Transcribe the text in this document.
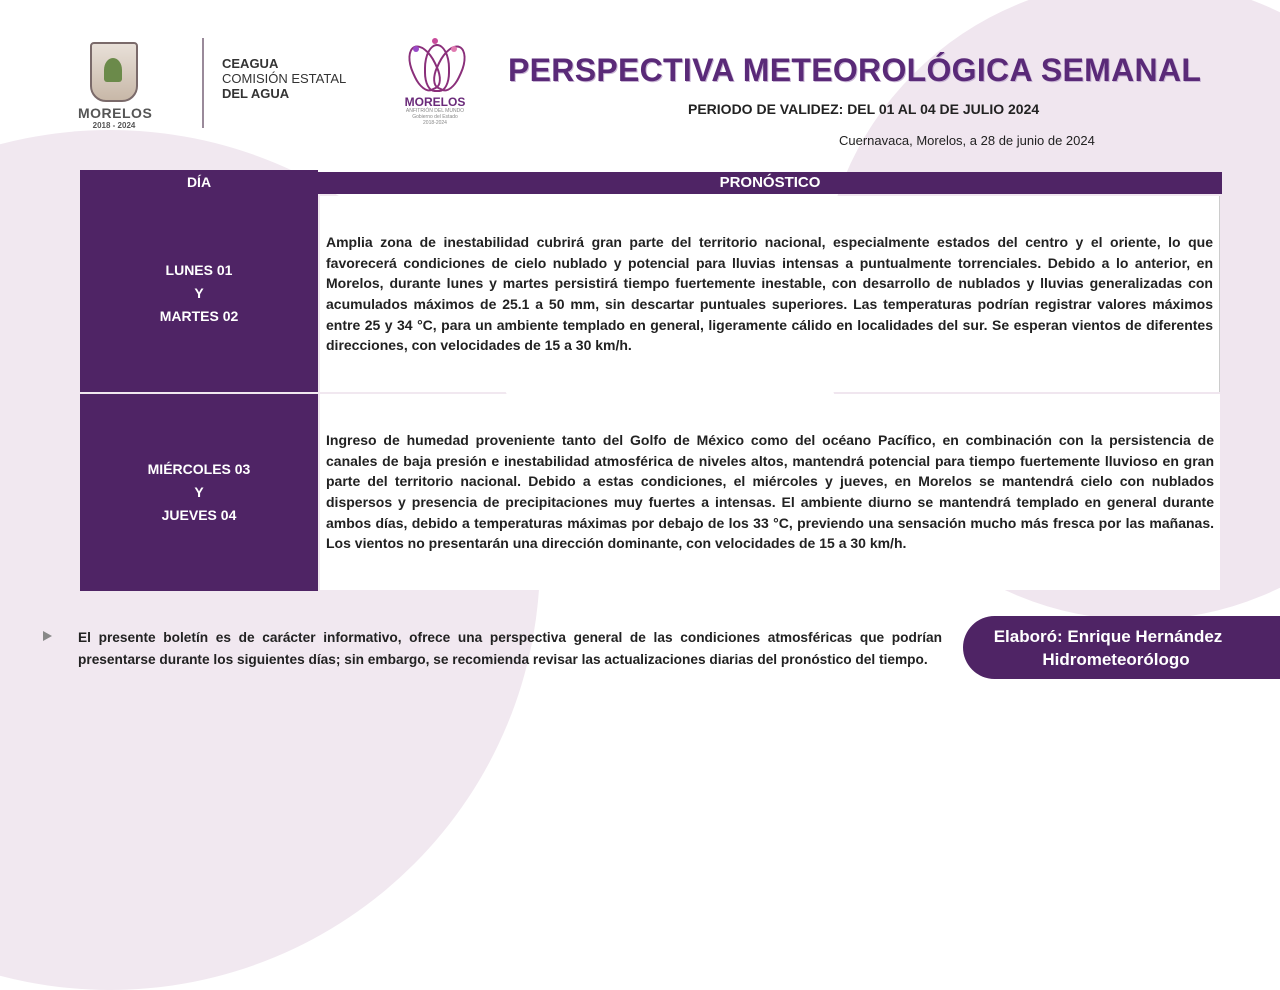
MORELOS
2018 - 2024
CEAGUA
COMISIÓN ESTATAL
DEL AGUA
MORELOS
ANFITRIÓN DEL MUNDO
Gobierno del Estado
2018-2024
PERSPECTIVA METEOROLÓGICA SEMANAL
PERIODO DE VALIDEZ: DEL 01 AL 04 DE JULIO 2024
Cuernavaca, Morelos, a 28 de junio de 2024
DÍA	PRONÓSTICO
LUNES 01
Y
MARTES 02
Amplia zona de inestabilidad cubrirá gran parte del territorio nacional, especialmente estados del centro y el oriente, lo que favorecerá condiciones de cielo nublado y potencial para lluvias intensas a puntualmente torrenciales. Debido a lo anterior, en Morelos, durante lunes y martes persistirá tiempo fuertemente inestable, con desarrollo de nublados y lluvias generalizadas con acumulados máximos de 25.1 a 50 mm, sin descartar puntuales superiores. Las temperaturas podrían registrar valores máximos entre 25 y 34 °C, para un ambiente templado en general, ligeramente cálido en localidades del sur. Se esperan vientos de diferentes direcciones, con velocidades de 15 a 30 km/h.
MIÉRCOLES 03
Y
JUEVES 04
Ingreso de humedad proveniente tanto del Golfo de México como del océano Pacífico, en combinación con la persistencia de canales de baja presión e inestabilidad atmosférica de niveles altos, mantendrá potencial para tiempo fuertemente lluvioso en gran parte del territorio nacional. Debido a estas condiciones, el miércoles y jueves, en Morelos se mantendrá cielo con nublados dispersos y presencia de precipitaciones muy fuertes a intensas. El ambiente diurno se mantendrá templado en general durante ambos días, debido a temperaturas máximas por debajo de los 33 °C, previendo una sensación mucho más fresca por las mañanas. Los vientos no presentarán una dirección dominante, con velocidades de 15 a 30 km/h.
El presente boletín es de carácter informativo, ofrece una perspectiva general de las condiciones atmosféricas que podrían presentarse durante los siguientes días; sin embargo, se recomienda revisar las actualizaciones diarias del pronóstico del tiempo.
Elaboró: Enrique Hernández
Hidrometeorólogo
